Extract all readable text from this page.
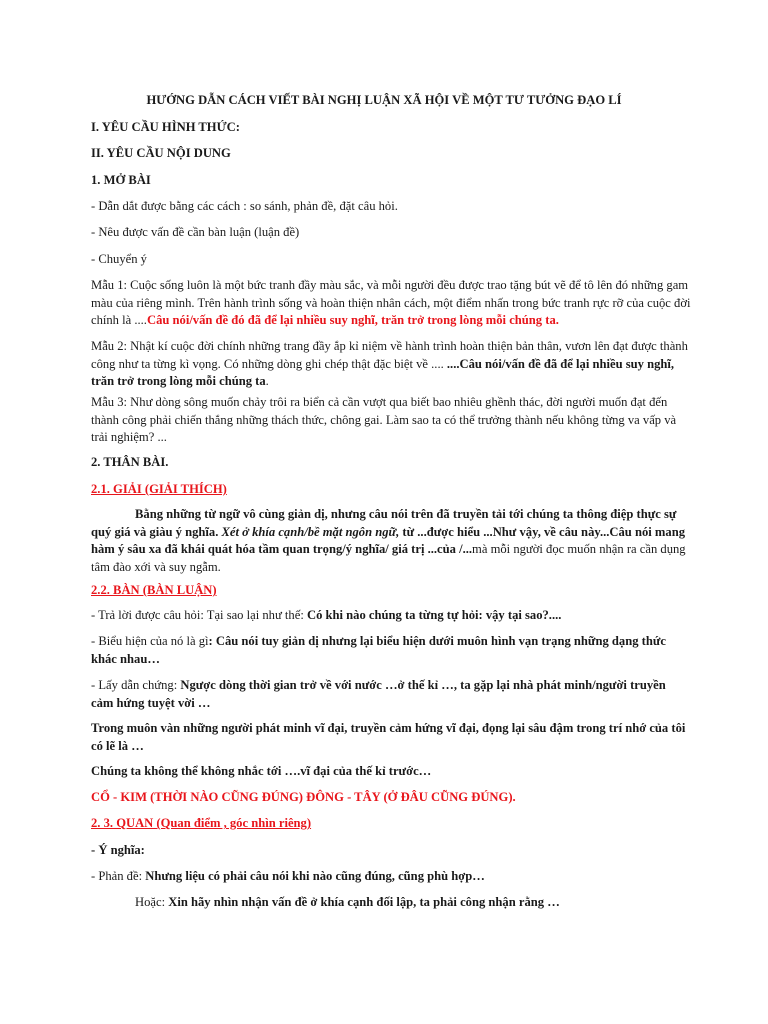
HƯỚNG DẪN CÁCH VIẾT BÀI NGHỊ LUẬN XÃ HỘI VỀ MỘT TƯ TƯỞNG ĐẠO LÍ

I. YÊU CẦU HÌNH THỨC:

II. YÊU CẦU NỘI DUNG

1. MỞ BÀI

- Dẫn dắt được bằng các cách : so sánh, phản đề, đặt câu hỏi.

- Nêu được vấn đề cần bàn luận (luận đề)

- Chuyển ý

Mẫu 1: Cuộc sống luôn là một bức tranh đầy màu sắc, và mỗi người đều được trao tặng bút vẽ để tô lên đó những gam màu của riêng mình. Trên hành trình sống và hoàn thiện nhân cách, một điểm nhấn trong bức tranh rực rỡ của cuộc đời chính là ....Câu nói/vấn đề đó đã để lại nhiều suy nghĩ, trăn trở trong lòng mỗi chúng ta.

Mẫu 2: Nhật kí cuộc đời chính những trang đầy ắp kỉ niệm về hành trình hoàn thiện bản thân, vươn lên đạt được thành công như ta từng kì vọng. Có những dòng ghi chép thật đặc biệt về .... ....Câu nói/vấn đề đã để lại nhiều suy nghĩ, trăn trở trong lòng mỗi chúng ta.

Mẫu 3: Như dòng sông muốn chảy trôi ra biển cả cần vượt qua biết bao nhiêu ghềnh thác, đời người muốn đạt đến thành công phải chiến thắng những thách thức, chông gai. Làm sao ta có thể trưởng thành nếu không từng va vấp và trải nghiệm? ...

2. THÂN BÀI.

2.1. GIẢI (GIẢI THÍCH)

Bằng những từ ngữ vô cùng giản dị, nhưng câu nói trên đã truyền tải tới chúng ta thông điệp thực sự quý giá và giàu ý nghĩa. Xét ở khía cạnh/bề mặt ngôn ngữ, từ ...được hiểu ...Như vậy, về câu này...Câu nói mang hàm ý sâu xa đã khái quát hóa tầm quan trọng/ý nghĩa/ giá trị ...của /...mà mỗi người đọc muốn nhận ra cần dụng tâm đào xới và suy ngẫm.

2.2. BÀN (BÀN LUẬN)

- Trả lời được câu hỏi: Tại sao lại như thế: Có khi nào chúng ta từng tự hỏi: vậy tại sao?....

- Biểu hiện của nó là gì: Câu nói tuy giản dị nhưng lại biểu hiện dưới muôn hình vạn trạng những dạng thức khác nhau…

- Lấy dẫn chứng: Ngược dòng thời gian trở về với nước …ở thế kỉ …, ta gặp lại nhà phát minh/người truyền cảm hứng tuyệt vời …

Trong muôn vàn những người phát minh vĩ đại, truyền cảm hứng vĩ đại, đọng lại sâu đậm trong trí nhớ của tôi có lẽ là …

Chúng ta không thể không nhắc tới ….vĩ đại của thế kỉ trước…

CỔ - KIM (THỜI NÀO CŨNG ĐÚNG) ĐÔNG - TÂY (Ở ĐÂU CŨNG ĐÚNG).

2. 3. QUAN (Quan điểm , góc nhìn riêng)

- Ý nghĩa:

- Phản đề: Nhưng liệu có phải câu nói khi nào cũng đúng, cũng phù hợp…

Hoặc: Xin hãy nhìn nhận vấn đề ở khía cạnh đối lập, ta phải công nhận rằng …
